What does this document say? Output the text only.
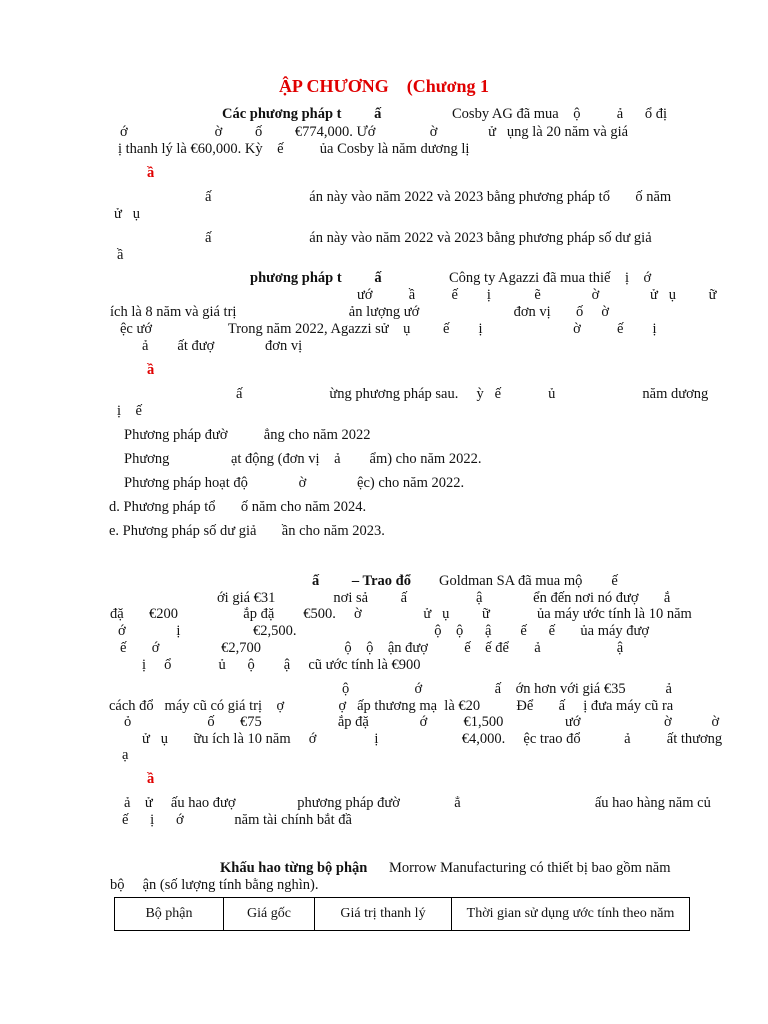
ẬP CHƯƠNG    (Chương 1
Các phương pháp t         ấ	Cosby AG đã mua    ộ          ả      ổ đị
ớ                        ờ         ố         €774,000. Ướ               ờ              ử   ụng là 20 năm và giá
ị thanh lý là €60,000. Kỳ    ế          ủa Cosby là năm dương lị
ầ
ấ                           án này vào năm 2022 và 2023 bằng phương pháp tổ       ố năm
ử   ụ
ấ                           án này vào năm 2022 và 2023 bằng phương pháp số dư giả
ầ
phương pháp t         ấ	Công ty Agazzi đã mua thiế    ị    ớ
ướ          ầ          ế        ị            ẽ              ờ              ử   ụ         ữ
ích là 8 năm và giá trị                               ản lượng ướ                          đơn vị       ố     ờ
ệc ướ                     Trong năm 2022, Agazzi sử    ụ         ế        ị                         ờ          ế        ị
ả        ất đượ              đơn vị
ầ
ấ                        ừng phương pháp sau.     ỳ   ế             ủ                        năm dương
ị    ế
Phương pháp đườ          ẳng cho năm 2022
Phương                 ạt động (đơn vị    ả        ẩm) cho năm 2022.
Phương pháp hoạt độ              ờ              ệc) cho năm 2022.
d. Phương pháp tổ       ố năm cho năm 2024.
e. Phương pháp số dư giả       ần cho năm 2023.
ấ         – Trao đổ Goldman SA đã mua mộ        ế
ới giá €31                nơi sả         ấ                   ậ              ển đến nơi nó đượ       ắ
đặ       €200                  ắp đặ        €500.     ờ                 ử   ụ         ữ             ủa máy ước tính là 10 năm
ớ              ị                    €2,500.                                      ộ    ộ      ậ        ế      ế       ủa máy đượ
ế       ớ                 €2,700                       ộ    ộ    ận đượ          ế    ế để       ả                     ậ
ị     ổ             ủ      ộ        ậ     cũ ước tính là €900
ộ                  ớ                    ấ    ớn hơn với giá €35           ả
cách đổ   máy cũ có giá trị    ợ               ợ   ấp thương mạ  là €20          Để       ấ     ị đưa máy cũ ra
ỏ                     ố       €75                     ắp đặ              ớ          €1,500                 ướ                       ờ           ờ
ử   ụ       ữu ích là 10 năm     ớ                ị                       €4,000.     ệc trao đổ            ả          ất thương
ạ
ầ
ả    ử     ấu hao đượ                 phương pháp đườ               ẳ                                     ấu hao hàng năm củ
ế      ị      ớ              năm tài chính bắt đầ
Khấu hao từng bộ phận Morrow Manufacturing có thiết bị bao gồm năm
bộ     ận (số lượng tính bằng nghìn).
Bộ phận	Giá gốc	Giá trị thanh lý	Thời gian sử dụng ước tính theo năm
